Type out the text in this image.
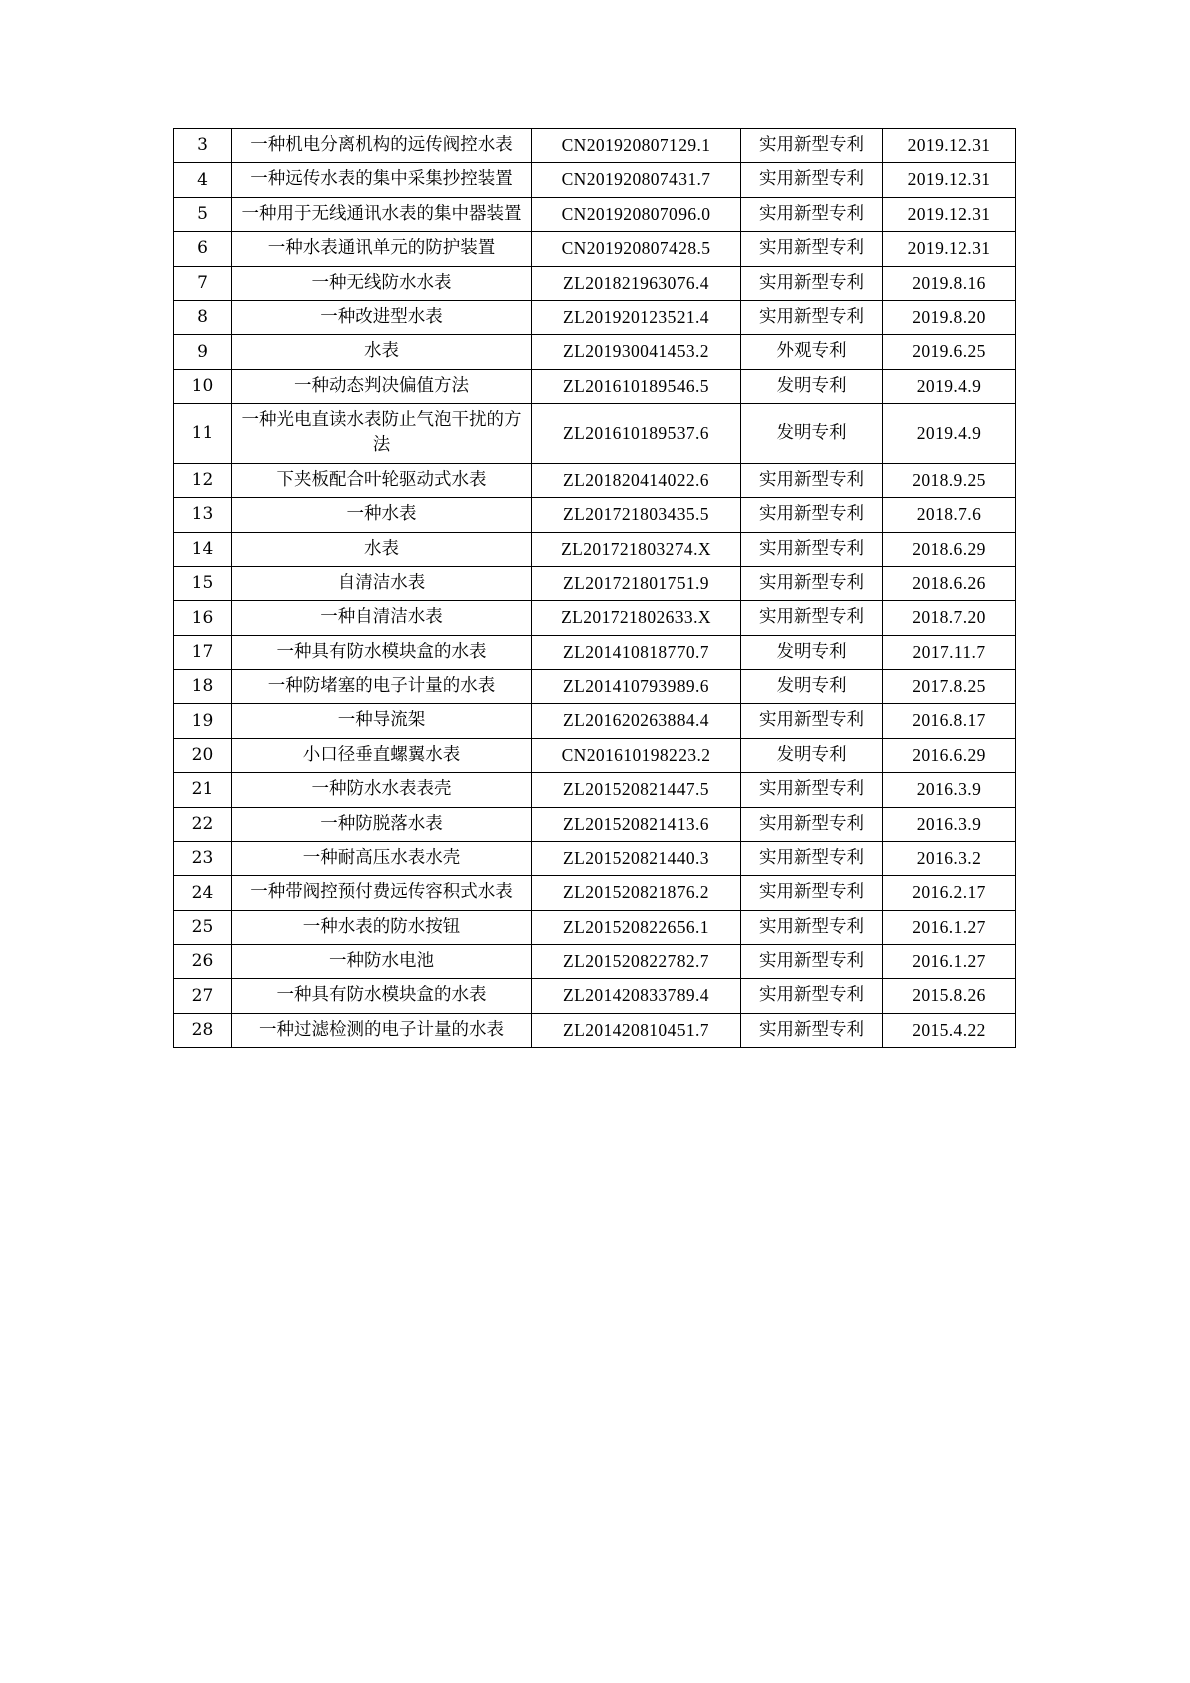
3	一种机电分离机构的远传阀控水表	CN201920807129.1	实用新型专利	2019.12.31
4	一种远传水表的集中采集抄控装置	CN201920807431.7	实用新型专利	2019.12.31
5	一种用于无线通讯水表的集中器装置	CN201920807096.0	实用新型专利	2019.12.31
6	一种水表通讯单元的防护装置	CN201920807428.5	实用新型专利	2019.12.31
7	一种无线防水水表	ZL201821963076.4	实用新型专利	2019.8.16
8	一种改进型水表	ZL201920123521.4	实用新型专利	2019.8.20
9	水表	ZL201930041453.2	外观专利	2019.6.25
10	一种动态判决偏值方法	ZL201610189546.5	发明专利	2019.4.9
11	一种光电直读水表防止气泡干扰的方法	ZL201610189537.6	发明专利	2019.4.9
12	下夹板配合叶轮驱动式水表	ZL201820414022.6	实用新型专利	2018.9.25
13	一种水表	ZL201721803435.5	实用新型专利	2018.7.6
14	水表	ZL201721803274.X	实用新型专利	2018.6.29
15	自清洁水表	ZL201721801751.9	实用新型专利	2018.6.26
16	一种自清洁水表	ZL201721802633.X	实用新型专利	2018.7.20
17	一种具有防水模块盒的水表	ZL201410818770.7	发明专利	2017.11.7
18	一种防堵塞的电子计量的水表	ZL201410793989.6	发明专利	2017.8.25
19	一种导流架	ZL201620263884.4	实用新型专利	2016.8.17
20	小口径垂直螺翼水表	CN201610198223.2	发明专利	2016.6.29
21	一种防水水表表壳	ZL201520821447.5	实用新型专利	2016.3.9
22	一种防脱落水表	ZL201520821413.6	实用新型专利	2016.3.9
23	一种耐高压水表水壳	ZL201520821440.3	实用新型专利	2016.3.2
24	一种带阀控预付费远传容积式水表	ZL201520821876.2	实用新型专利	2016.2.17
25	一种水表的防水按钮	ZL201520822656.1	实用新型专利	2016.1.27
26	一种防水电池	ZL201520822782.7	实用新型专利	2016.1.27
27	一种具有防水模块盒的水表	ZL201420833789.4	实用新型专利	2015.8.26
28	一种过滤检测的电子计量的水表	ZL201420810451.7	实用新型专利	2015.4.22
